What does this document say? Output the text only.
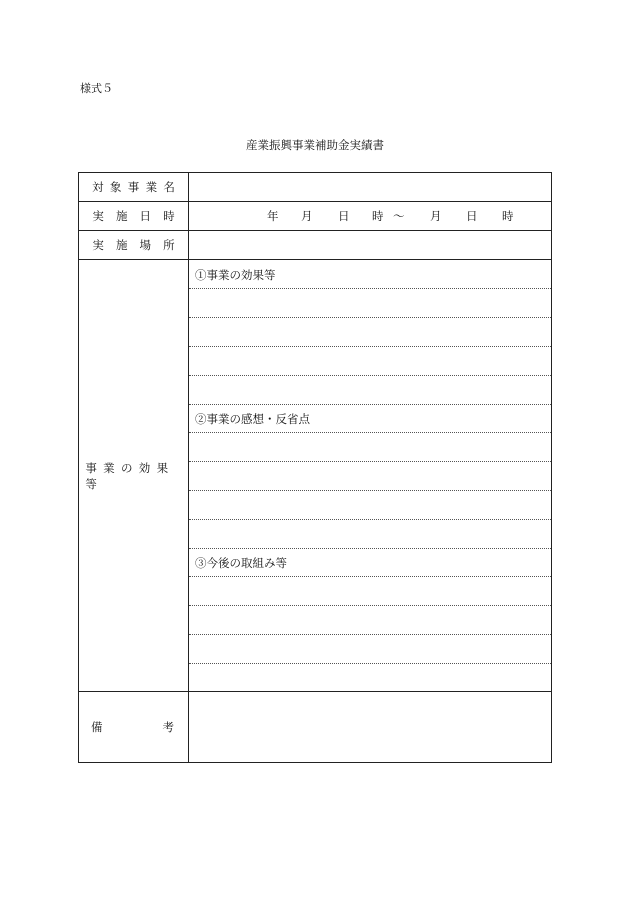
様式５
産業振興事業補助金実績書
対象事業名
実施日時	年 月 日 時 ～ 月 日 時
実施場所
事業の効果等
①事業の効果等
②事業の感想・反省点
③今後の取組み等
備	考
